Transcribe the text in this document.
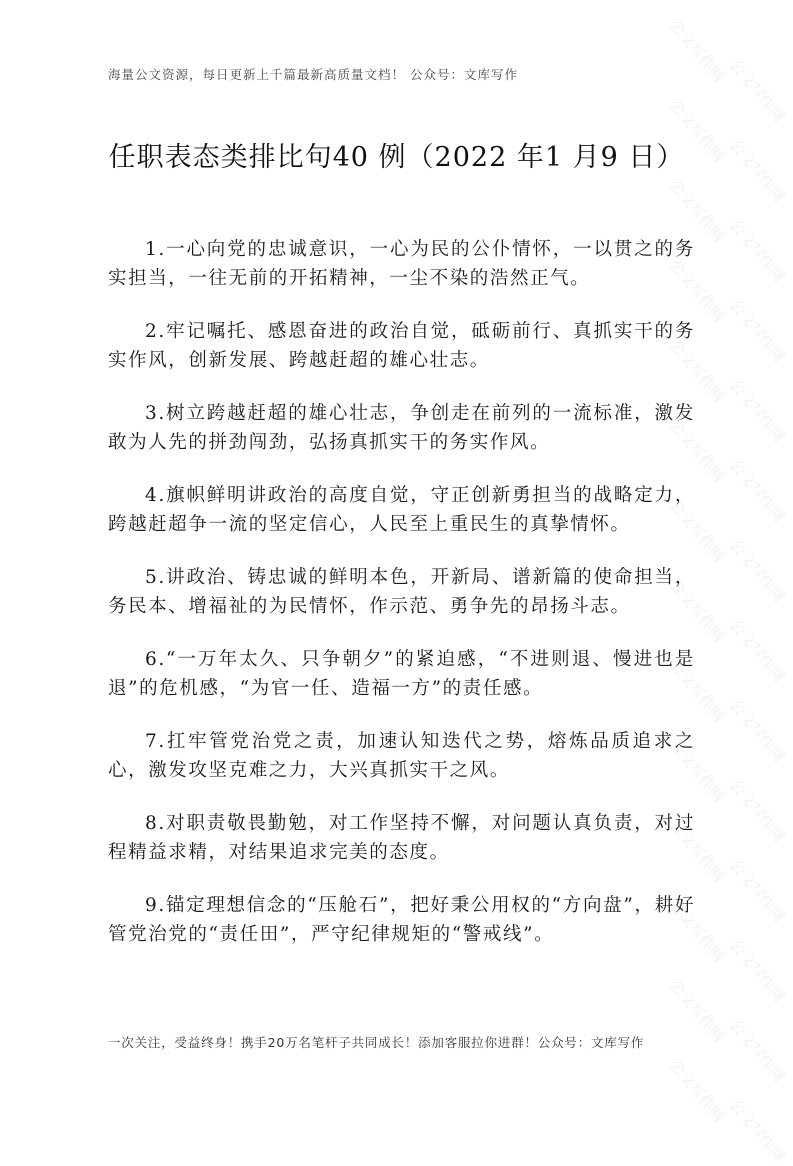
公文写作网
公文写作网
公文写作网
公文写作网
公文写作网
公文写作网
公文写作网
公文写作网
公文写作网
公文写作网
公文写作网
公文写作网
公文写作网
公文写作网
公文写作网
公文写作网
公文写作网
公文写作网
公文写作网
公文写作网
公文写作网
公文写作网
公文写作网
公文写作网
公文写作网
公文写作网
公文写作网
公文写作网
海量公文资源，每日更新上千篇最新高质量文档！ 公众号：文库写作
任职表态类排比句40 例（2022 年1 月9 日）

1.一心向党的忠诚意识，一心为民的公仆情怀，一以贯之的务实担当，一往无前的开拓精神，一尘不染的浩然正气。

2.牢记嘱托、感恩奋进的政治自觉，砥砺前行、真抓实干的务实作风，创新发展、跨越赶超的雄心壮志。

3.树立跨越赶超的雄心壮志，争创走在前列的一流标准，激发敢为人先的拼劲闯劲，弘扬真抓实干的务实作风。

4.旗帜鲜明讲政治的高度自觉，守正创新勇担当的战略定力，跨越赶超争一流的坚定信心，人民至上重民生的真挚情怀。

5.讲政治、铸忠诚的鲜明本色，开新局、谱新篇的使命担当，务民本、增福祉的为民情怀，作示范、勇争先的昂扬斗志。

6.“一万年太久、只争朝夕”的紧迫感，“不进则退、慢进也是退”的危机感，“为官一任、造福一方”的责任感。

7.扛牢管党治党之责，加速认知迭代之势，熔炼品质追求之心，激发攻坚克难之力，大兴真抓实干之风。

8.对职责敬畏勤勉，对工作坚持不懈，对问题认真负责，对过程精益求精，对结果追求完美的态度。

9.锚定理想信念的“压舱石”，把好秉公用权的“方向盘”，耕好管党治党的“责任田”，严守纪律规矩的“警戒线”。

一次关注，受益终身！携手20万名笔杆子共同成长！添加客服拉你进群！公众号：文库写作
